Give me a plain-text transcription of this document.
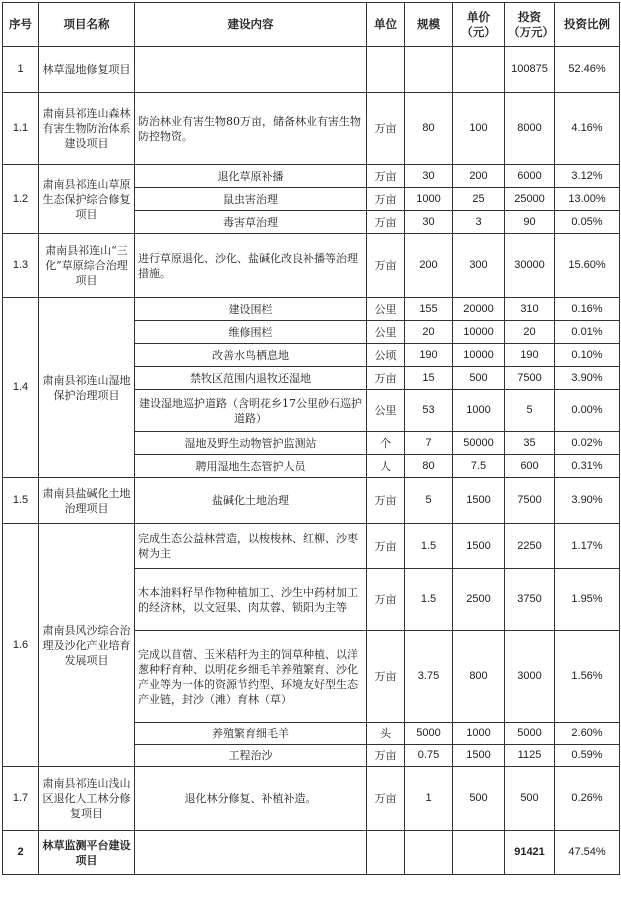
序号	项目名称	建设内容	单位	规模	单价（元）	投资（万元）	投资比例
1	林草湿地修复项目					100875	52.46%
1.1	肃南县祁连山森林有害生物防治体系建设项目	防治林业有害生物80万亩，储备林业有害生物防控物资。	万亩	80	100	8000	4.16%
1.2	肃南县祁连山草原生态保护综合修复项目	退化草原补播	万亩	30	200	6000	3.12%
		鼠虫害治理	万亩	1000	25	25000	13.00%
		毒害草治理	万亩	30	3	90	0.05%
1.3	肃南县祁连山“三化”草原综合治理项目	进行草原退化、沙化、盐碱化改良补播等治理措施。	万亩	200	300	30000	15.60%
1.4	肃南县祁连山湿地保护治理项目	建设围栏	公里	155	20000	310	0.16%
		维修围栏	公里	20	10000	20	0.01%
		改善水鸟栖息地	公顷	190	10000	190	0.10%
		禁牧区范围内退牧还湿地	万亩	15	500	7500	3.90%
		建设湿地巡护道路（含明花乡17公里砂石巡护道路）	公里	53	1000	5	0.00%
		湿地及野生动物管护监测站	个	7	50000	35	0.02%
		聘用湿地生态管护人员	人	80	7.5	600	0.31%
1.5	肃南县盐碱化土地治理项目	盐碱化土地治理	万亩	5	1500	7500	3.90%
1.6	肃南县风沙综合治理及沙化产业培育发展项目	完成生态公益林营造，以梭梭林、红柳、沙枣树为主	万亩	1.5	1500	2250	1.17%
		木本油料籽旱作物种植加工、沙生中药材加工的经济林，以文冠果、肉苁蓉、锁阳为主等	万亩	1.5	2500	3750	1.95%
		完成以苜蓿、玉米秸秆为主的饲草种植、以洋葱种籽育种、以明花乡细毛羊养殖繁育、沙化产业等为一体的资源节约型、环境友好型生态产业链，封沙（滩）育林（草）	万亩	3.75	800	3000	1.56%
		养殖繁育细毛羊	头	5000	1000	5000	2.60%
		工程治沙	万亩	0.75	1500	1125	0.59%
1.7	肃南县祁连山浅山区退化人工林分修复项目	退化林分修复、补植补造。	万亩	1	500	500	0.26%
2	林草监测平台建设项目					91421	47.54%
